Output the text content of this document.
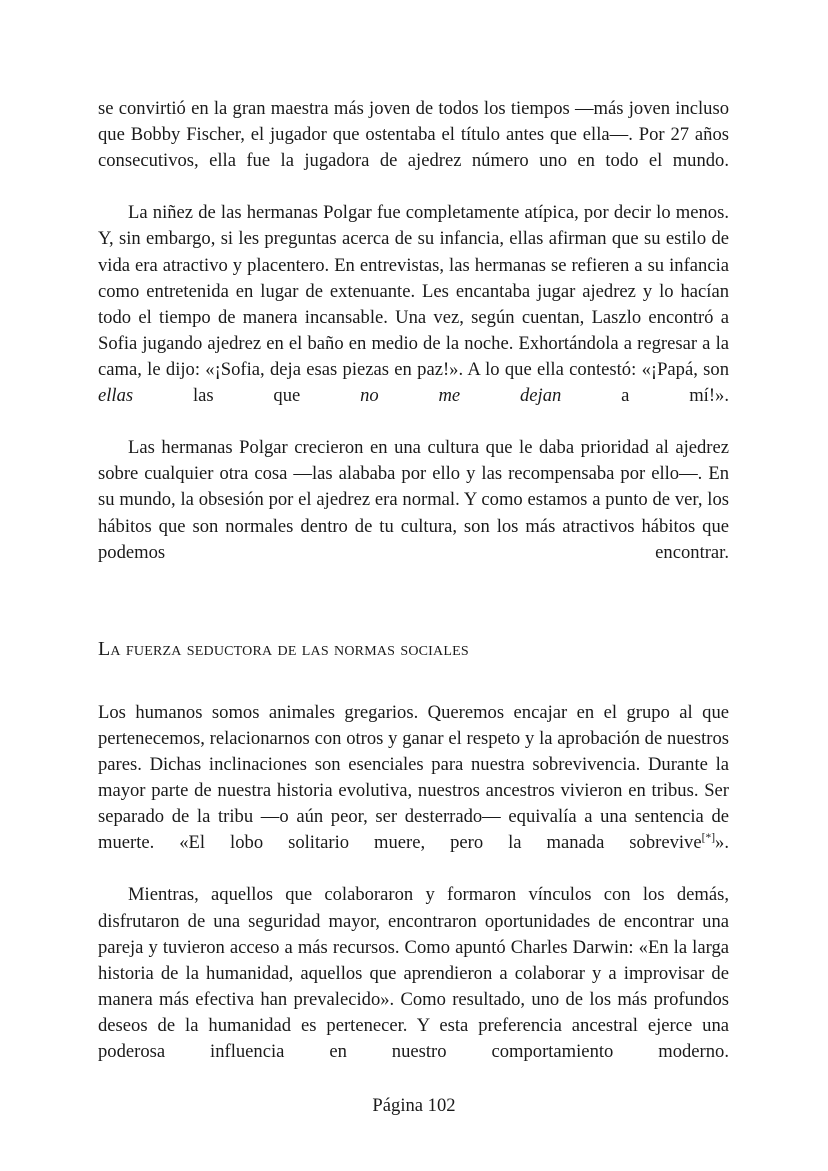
se convirtió en la gran maestra más joven de todos los tiempos —más joven incluso que Bobby Fischer, el jugador que ostentaba el título antes que ella—. Por 27 años consecutivos, ella fue la jugadora de ajedrez número uno en todo el mundo.

La niñez de las hermanas Polgar fue completamente atípica, por decir lo menos. Y, sin embargo, si les preguntas acerca de su infancia, ellas afirman que su estilo de vida era atractivo y placentero. En entrevistas, las hermanas se refieren a su infancia como entretenida en lugar de extenuante. Les encantaba jugar ajedrez y lo hacían todo el tiempo de manera incansable. Una vez, según cuentan, Laszlo encontró a Sofia jugando ajedrez en el baño en medio de la noche. Exhortándola a regresar a la cama, le dijo: «¡Sofia, deja esas piezas en paz!». A lo que ella contestó: «¡Papá, son ellas las que no me dejan a mí!».

Las hermanas Polgar crecieron en una cultura que le daba prioridad al ajedrez sobre cualquier otra cosa —las alababa por ello y las recompensaba por ello—. En su mundo, la obsesión por el ajedrez era normal. Y como estamos a punto de ver, los hábitos que son normales dentro de tu cultura, son los más atractivos hábitos que podemos encontrar.

La fuerza seductora de las normas sociales

Los humanos somos animales gregarios. Queremos encajar en el grupo al que pertenecemos, relacionarnos con otros y ganar el respeto y la aprobación de nuestros pares. Dichas inclinaciones son esenciales para nuestra sobrevivencia. Durante la mayor parte de nuestra historia evolutiva, nuestros ancestros vivieron en tribus. Ser separado de la tribu —o aún peor, ser desterrado— equivalía a una sentencia de muerte. «El lobo solitario muere, pero la manada sobrevive[*]».

Mientras, aquellos que colaboraron y formaron vínculos con los demás, disfrutaron de una seguridad mayor, encontraron oportunidades de encontrar una pareja y tuvieron acceso a más recursos. Como apuntó Charles Darwin: «En la larga historia de la humanidad, aquellos que aprendieron a colaborar y a improvisar de manera más efectiva han prevalecido». Como resultado, uno de los más profundos deseos de la humanidad es pertenecer. Y esta preferencia ancestral ejerce una poderosa influencia en nuestro comportamiento moderno.

Página 102
